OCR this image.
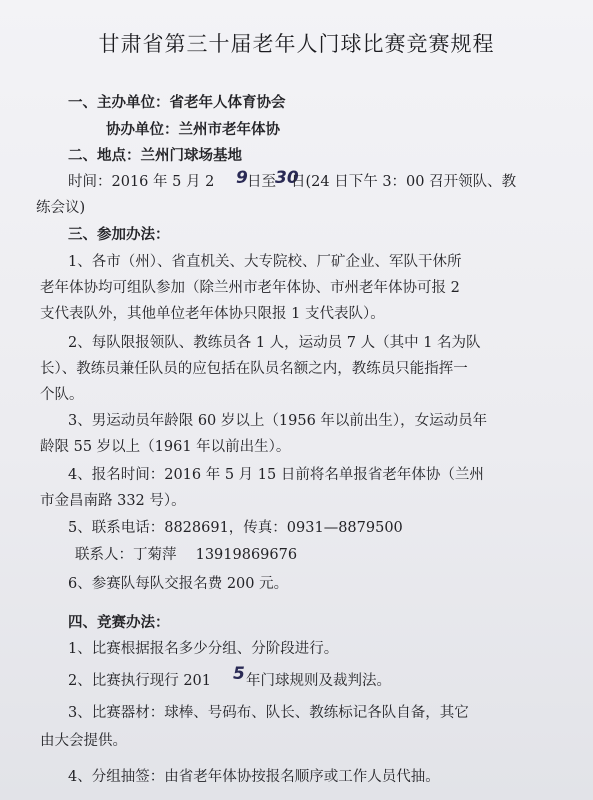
甘肃省第三十届老年人门球比赛竞赛规程
一、主办单位：省老年人体育协会
协办单位：兰州市老年体协
二、地点：兰州门球场基地
时间：2016 年 5 月 2 9 日至 30
日(24 日下午 3：00 召开领队、教
练会议)
三、参加办法：
1、各市（州）、省直机关、大专院校、厂矿企业、军队干休所
老年体协均可组队参加（除兰州市老年体协、市州老年体协可报 2
支代表队外，其他单位老年体协只限报 1 支代表队）。
2、每队限报领队、教练员各 1 人，运动员 7 人（其中 1 名为队
长）、教练员兼任队员的应包括在队员名额之内，教练员只能指挥一
个队。
3、男运动员年龄限 60 岁以上（1956 年以前出生），女运动员年
龄限 55 岁以上（1961 年以前出生）。
4、报名时间：2016 年 5 月 15 日前将名单报省老年体协（兰州
市金昌南路 332 号）。
5、联系电话：8828691，传真：0931—8879500
联系人：丁菊萍　 13919869676
6、参赛队每队交报名费 200 元。
四、竞赛办法：
1、比赛根据报名多少分组、分阶段进行。
2、比赛执行现行 201 5 年门球规则及裁判法。
3、比赛器材：球棒、号码布、队长、教练标记各队自备，其它
由大会提供。
4、分组抽签：由省老年体协按报名顺序或工作人员代抽。
